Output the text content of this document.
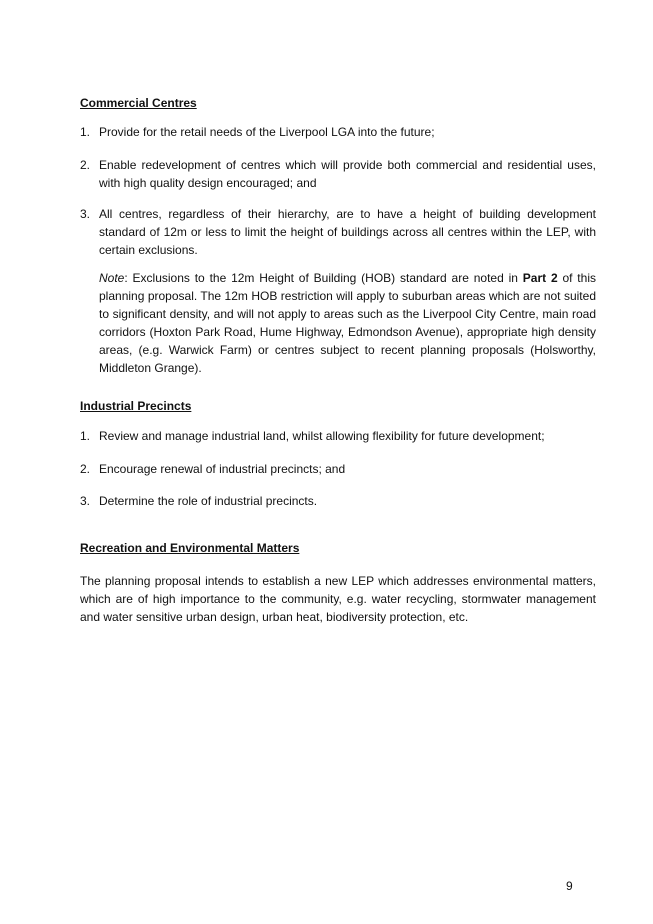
Commercial Centres
1. Provide for the retail needs of the Liverpool LGA into the future;
2. Enable redevelopment of centres which will provide both commercial and residential uses, with high quality design encouraged; and
3. All centres, regardless of their hierarchy, are to have a height of building development standard of 12m or less to limit the height of buildings across all centres within the LEP, with certain exclusions.
Note: Exclusions to the 12m Height of Building (HOB) standard are noted in Part 2 of this planning proposal. The 12m HOB restriction will apply to suburban areas which are not suited to significant density, and will not apply to areas such as the Liverpool City Centre, main road corridors (Hoxton Park Road, Hume Highway, Edmondson Avenue), appropriate high density areas, (e.g. Warwick Farm) or centres subject to recent planning proposals (Holsworthy, Middleton Grange).
Industrial Precincts
1. Review and manage industrial land, whilst allowing flexibility for future development;
2. Encourage renewal of industrial precincts; and
3. Determine the role of industrial precincts.
Recreation and Environmental Matters
The planning proposal intends to establish a new LEP which addresses environmental matters, which are of high importance to the community, e.g. water recycling, stormwater management and water sensitive urban design, urban heat, biodiversity protection, etc.
9
